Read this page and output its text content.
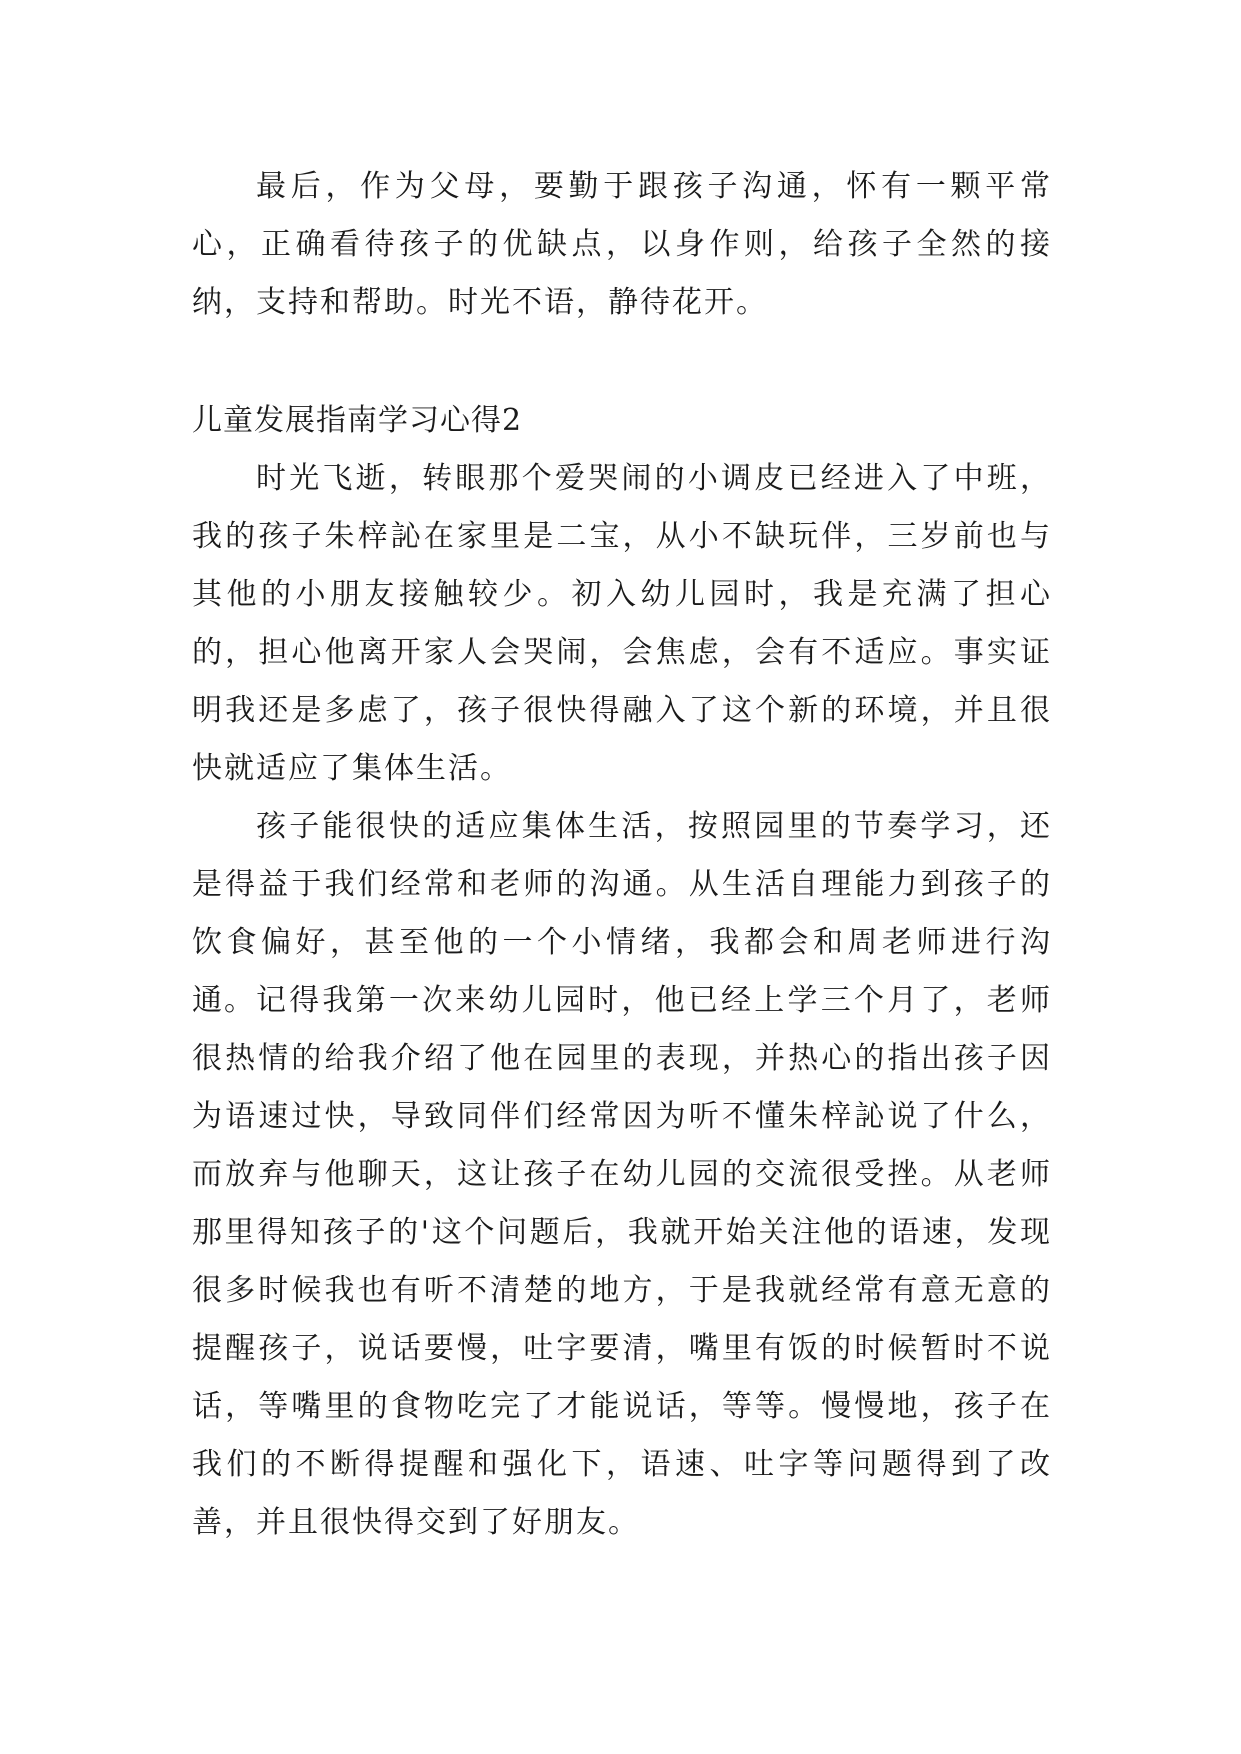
最后，作为父母，要勤于跟孩子沟通，怀有一颗平常心，正确看待孩子的优缺点，以身作则，给孩子全然的接纳，支持和帮助。时光不语，静待花开。

儿童发展指南学习心得2

时光飞逝，转眼那个爱哭闹的小调皮已经进入了中班，我的孩子朱梓訫在家里是二宝，从小不缺玩伴，三岁前也与其他的小朋友接触较少。初入幼儿园时，我是充满了担心的，担心他离开家人会哭闹，会焦虑，会有不适应。事实证明我还是多虑了，孩子很快得融入了这个新的环境，并且很快就适应了集体生活。

孩子能很快的适应集体生活，按照园里的节奏学习，还是得益于我们经常和老师的沟通。从生活自理能力到孩子的饮食偏好，甚至他的一个小情绪，我都会和周老师进行沟通。 记得我第一次来幼儿园时，他已经上学三个月了，老师很热情的给我介绍了他在园里的表现，并热心的指出孩子因为语速过快，导致同伴们经常因为听不懂朱梓訫说了什么，而放弃与他聊天，这让孩子在幼儿园的交流很受挫。从老师那里得知孩子的'这个问题后，我就开始关注他的语速，发现很多时候我也有听不清楚的地方，于是我就经常有意无意的提醒孩子，说话要慢，吐字要清，嘴里有饭的时候暂时不说话，等嘴里的食物吃完了才能说话，等等。慢慢地，孩子在我们的不断得提醒和强化下，语速、吐字等问题得到了改善，并且很快得交到了好朋友。
